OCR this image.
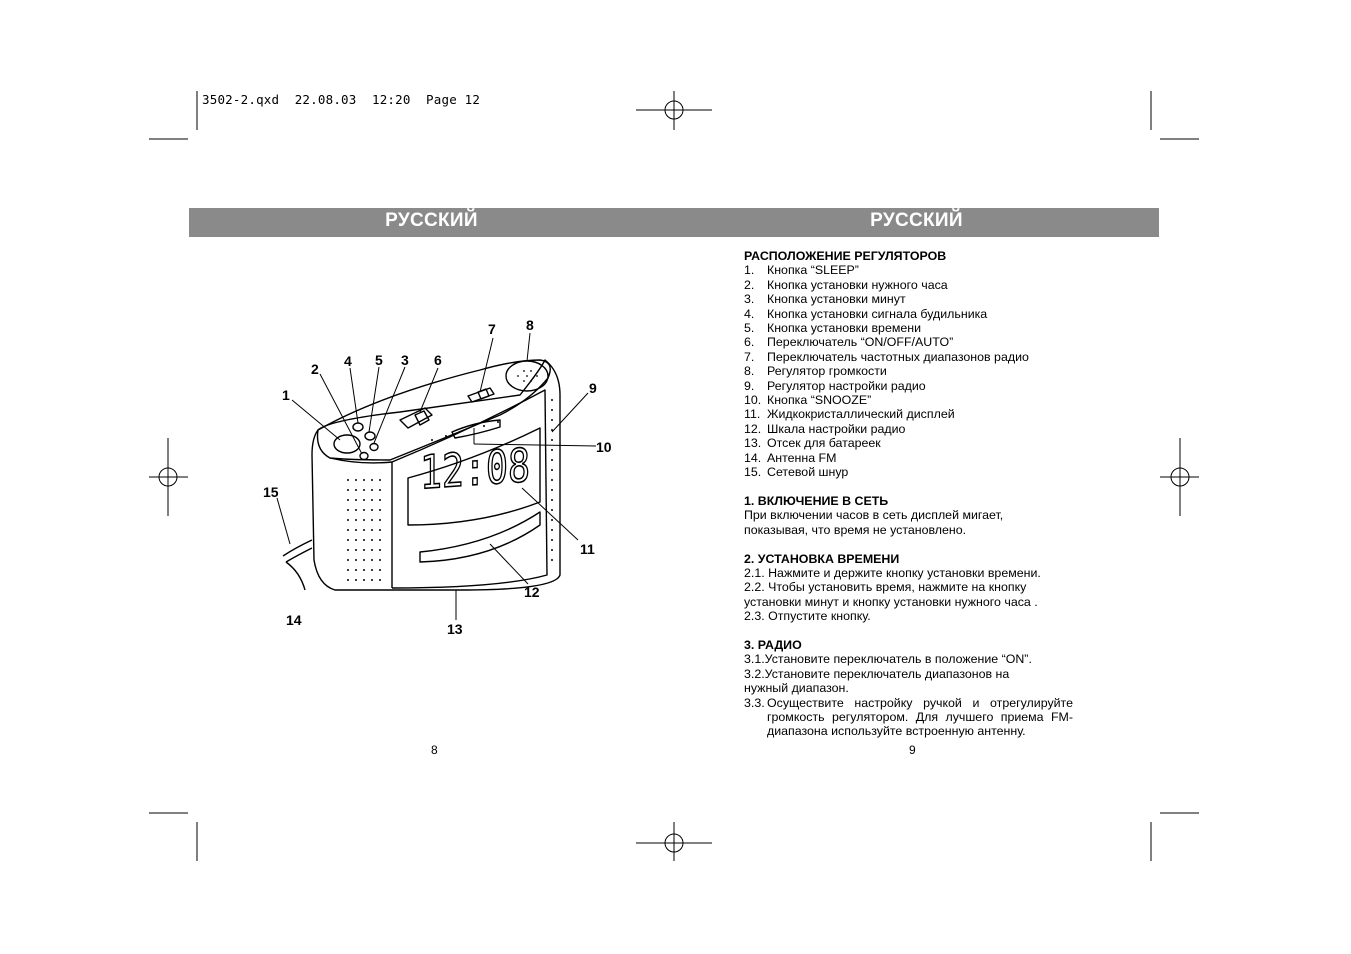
3502-2.qxd  22.08.03  12:20  Page 12
РУССКИЙ	РУССКИЙ
12:08
1
2
3
4 5	6
7 8
9
10
11
12
13
14
15
РАСПОЛОЖЕНИЕ РЕГУЛЯТОРОВ
1.	Кнопка “SLEEP”
2.	Кнопка установки нужного часа
3.	Кнопка установки минут
4.	Кнопка установки сигнала будильника
5.	Кнопка установки времени
6.	Переключатель “ON/OFF/AUTO”
7.	Переключатель частотных диапазонов радио
8.	Регулятор громкости
9.	Регулятор настройки радио
10. Кнопка “SNOOZE”
11. Жидкокристаллический дисплей
12. Шкала настройки радио
13. Отсек для батареек
14. Антенна FM
15. Сетевой шнур
1. ВКЛЮЧЕНИЕ В СЕТЬ
При включении часов в сеть дисплей мигает,
показывая, что время не установлено.
2. УСТАНОВКА ВРЕМЕНИ
2.1. Нажмите и держите кнопку установки времени.
2.2. Чтобы установить время, нажмите на кнопку
установки минут и кнопку установки нужного часа .
2.3. Отпустите кнопку.
3. РАДИО
3.1.Установите переключатель в положение “ON”.
3.2.Установите переключатель диапазонов на
нужный диапазон.
3.3. Осуществите настройку ручкой и отрегулируйте громкость регулятором. Для лучшего приема FM-диапазона используйте встроенную антенну.
8	9
